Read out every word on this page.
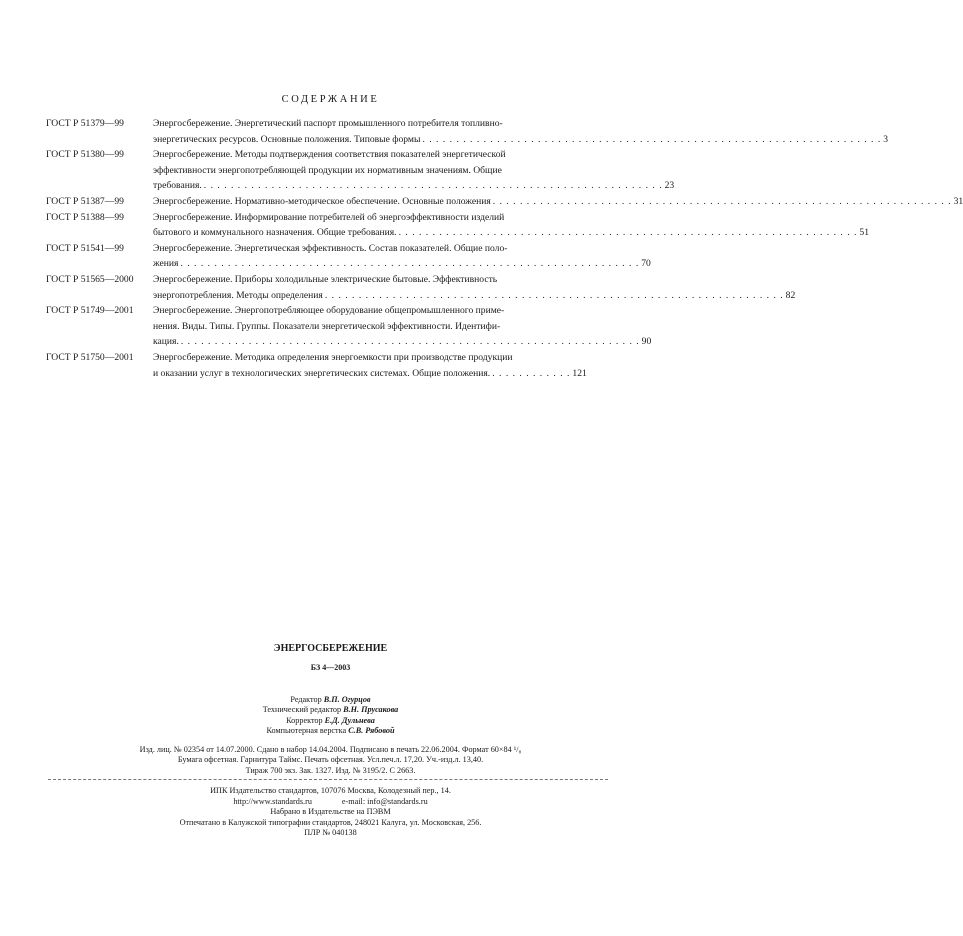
СОДЕРЖАНИЕ
ГОСТ Р 51379—99	Энергосбережение. Энергетический паспорт промышленного потребителя топливно-
энергетических ресурсов. Основные положения. Типовые формы . . . . . . . . . . . . . . . . . . . . . . . . . . . . . . . . . . . . . . . . . . . . . . . . . . . . . . . . . . . . . . . . . . . . 3
ГОСТ Р 51380—99	Энергосбережение. Методы подтверждения соответствия показателей энергетической
эффективности энергопотребляющей продукции их нормативным значениям. Общие
требования. . . . . . . . . . . . . . . . . . . . . . . . . . . . . . . . . . . . . . . . . . . . . . . . . . . . . . . . . . . . . . . . . . . . . 23
ГОСТ Р 51387—99	Энергосбережение. Нормативно-методическое обеспечение. Основные положения . . . . . . . . . . . . . . . . . . . . . . . . . . . . . . . . . . . . . . . . . . . . . . . . . . . . . . . . . . . . . . . . . . . . 31
ГОСТ Р 51388—99	Энергосбережение. Информирование потребителей об энергоэффективности изделий
бытового и коммунального назначения. Общие требования. . . . . . . . . . . . . . . . . . . . . . . . . . . . . . . . . . . . . . . . . . . . . . . . . . . . . . . . . . . . . . . . . . . . . 51
ГОСТ Р 51541—99	Энергосбережение. Энергетическая эффективность. Состав показателей. Общие поло-
жения . . . . . . . . . . . . . . . . . . . . . . . . . . . . . . . . . . . . . . . . . . . . . . . . . . . . . . . . . . . . . . . . . . . . 70
ГОСТ Р 51565—2000	Энергосбережение. Приборы холодильные электрические бытовые. Эффективность
энергопотребления. Методы определения . . . . . . . . . . . . . . . . . . . . . . . . . . . . . . . . . . . . . . . . . . . . . . . . . . . . . . . . . . . . . . . . . . . . 82
ГОСТ Р 51749—2001	Энергосбережение. Энергопотребляющее оборудование общепромышленного приме-
нения. Виды. Типы. Группы. Показатели энергетической эффективности. Идентифи-
кация. . . . . . . . . . . . . . . . . . . . . . . . . . . . . . . . . . . . . . . . . . . . . . . . . . . . . . . . . . . . . . . . . . . . . 90
ГОСТ Р 51750—2001	Энергосбережение. Методика определения энергоемкости при производстве продукции
и оказании услуг в технологических энергетических системах. Общие положения. . . . . . . . . . . . . 121
ЭНЕРГОСБЕРЕЖЕНИЕ
БЗ 4—2003
Редактор В.П. Огурцов
Технический редактор В.Н. Прусакова
Корректор Е.Д. Дульнева
Компьютерная верстка С.В. Рябовой
Изд. лиц. № 02354 от 14.07.2000. Сдано в набор 14.04.2004. Подписано в печать 22.06.2004. Формат 60×84 ¹/₈
Бумага офсетная. Гарнитура Таймс. Печать офсетная. Усл.печ.л. 17,20. Уч.-изд.л. 13,40.
Тираж 700 экз. Зак. 1327. Изд. № 3195/2. С 2663.
ИПК Издательство стандартов, 107076 Москва, Колодезный пер., 14.
http://www.standards.ru	e-mail: info@standards.ru
Набрано в Издательстве на ПЭВМ
Отпечатано в Калужской типографии стандартов, 248021 Калуга, ул. Московская, 256.
ПЛР № 040138
